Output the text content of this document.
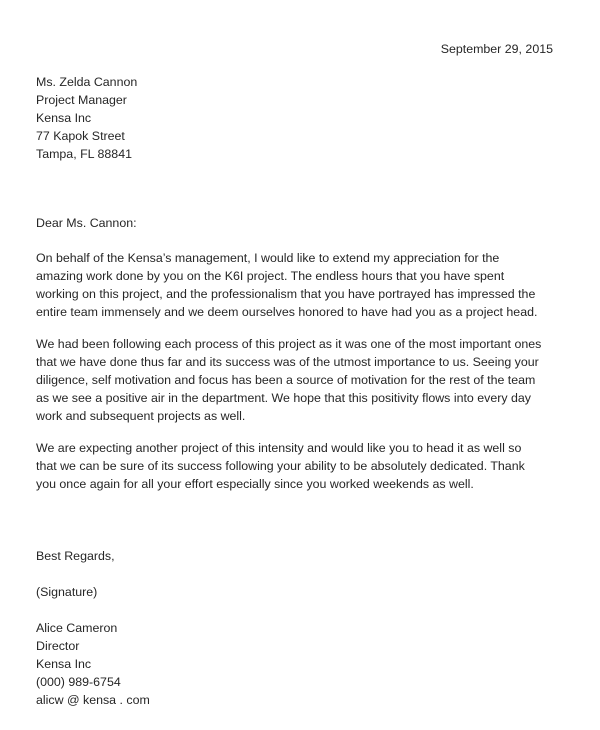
September 29, 2015
Ms. Zelda Cannon
Project Manager
Kensa Inc
77 Kapok Street
Tampa, FL 88841
Dear Ms. Cannon:
On behalf of the Kensa’s management, I would like to extend my appreciation for the
amazing work done by you on the K6I project. The endless hours that you have spent
working on this project, and the professionalism that you have portrayed has impressed the
entire team immensely and we deem ourselves honored to have had you as a project head.
We had been following each process of this project as it was one of the most important ones
that we have done thus far and its success was of the utmost importance to us. Seeing your
diligence, self motivation and focus has been a source of motivation for the rest of the team
as we see a positive air in the department. We hope that this positivity flows into every day
work and subsequent projects as well.
We are expecting another project of this intensity and would like you to head it as well so
that we can be sure of its success following your ability to be absolutely dedicated. Thank
you once again for all your effort especially since you worked weekends as well.
Best Regards,
(Signature)
Alice Cameron
Director
Kensa Inc
(000) 989-6754
alicw @ kensa . com
